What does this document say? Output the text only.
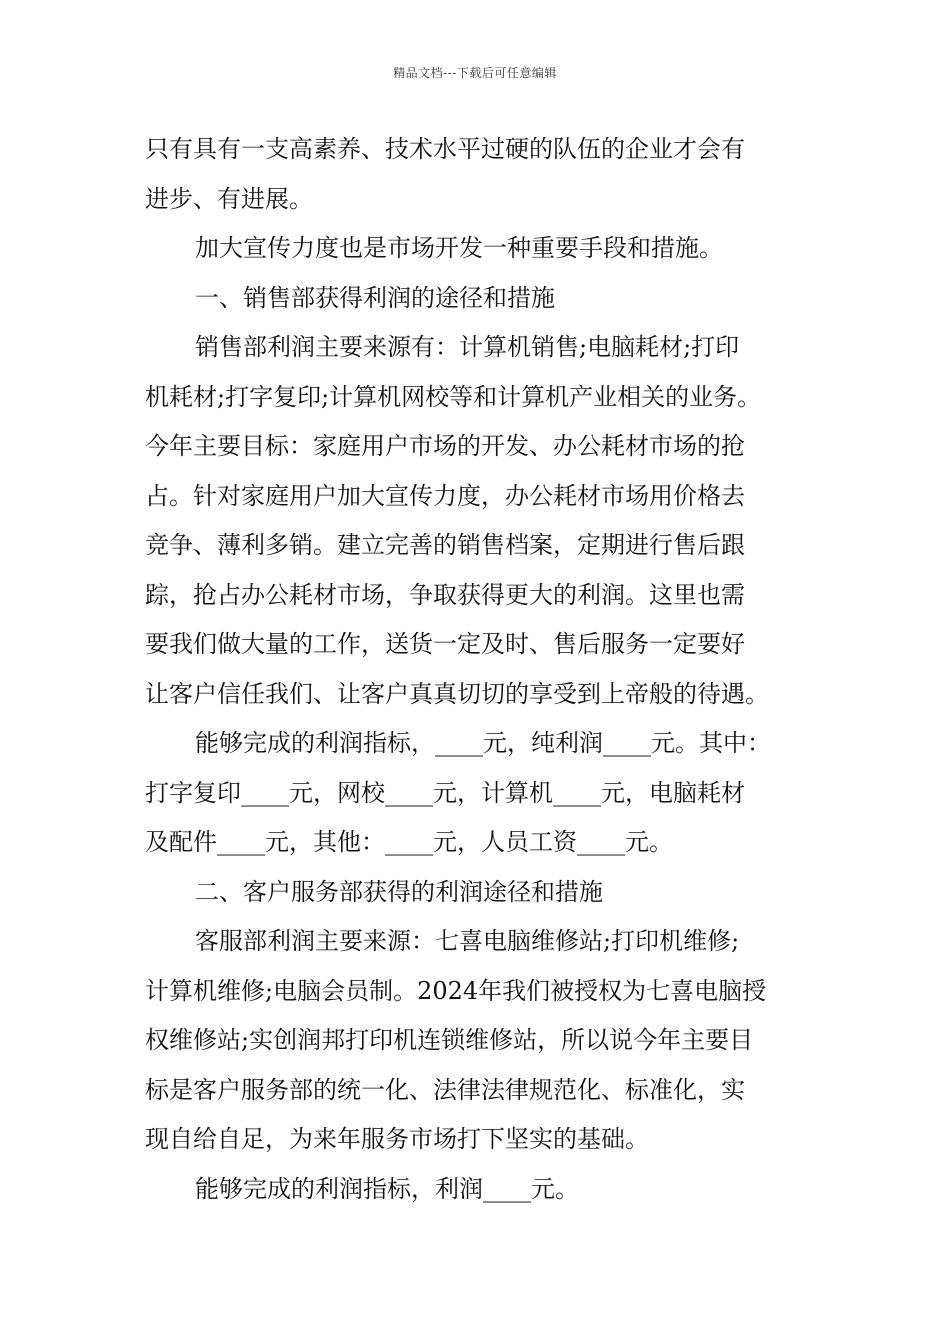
精品文档---下载后可任意编辑
只有具有一支高素养、技术水平过硬的队伍的企业才会有
进步、有进展。
加大宣传力度也是市场开发一种重要手段和措施。
一、销售部获得利润的途径和措施
销售部利润主要来源有：计算机销售;电脑耗材;打印
机耗材;打字复印;计算机网校等和计算机产业相关的业务。
今年主要目标：家庭用户市场的开发、办公耗材市场的抢
占。针对家庭用户加大宣传力度，办公耗材市场用价格去
竞争、薄利多销。建立完善的销售档案，定期进行售后跟
踪，抢占办公耗材市场，争取获得更大的利润。这里也需
要我们做大量的工作，送货一定及时、售后服务一定要好
让客户信任我们、让客户真真切切的享受到上帝般的待遇。
能够完成的利润指标，____元，纯利润____元。其中：
打字复印____元，网校____元，计算机____元，电脑耗材
及配件____元，其他：____元，人员工资____元。
二、客户服务部获得的利润途径和措施
客服部利润主要来源：七喜电脑维修站;打印机维修;
计算机维修;电脑会员制。2024年我们被授权为七喜电脑授
权维修站;实创润邦打印机连锁维修站，所以说今年主要目
标是客户服务部的统一化、法律法律规范化、标准化，实
现自给自足，为来年服务市场打下坚实的基础。
能够完成的利润指标，利润____元。
